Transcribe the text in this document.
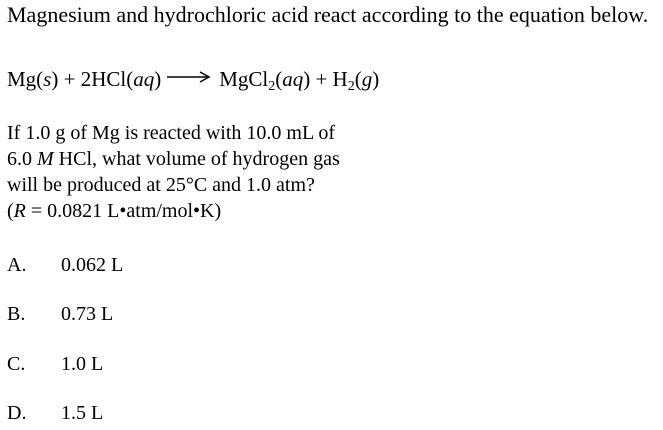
Magnesium and hydrochloric acid react according to the equation below.
Mg(s) + 2HCl(aq) → MgCl$_2$(aq) + $H_2(g)$
If 1.0 g of Mg is reacted with 10.0 mL of
6.0 M HCl, what volume of hydrogen gas
will be produced at 25°C and 1.0 atm?
(R = 0.0821 L•atm/mol•K)
A.	0.062 L
B.	0.73 L
C.	1.0 L
D.	1.5 L
